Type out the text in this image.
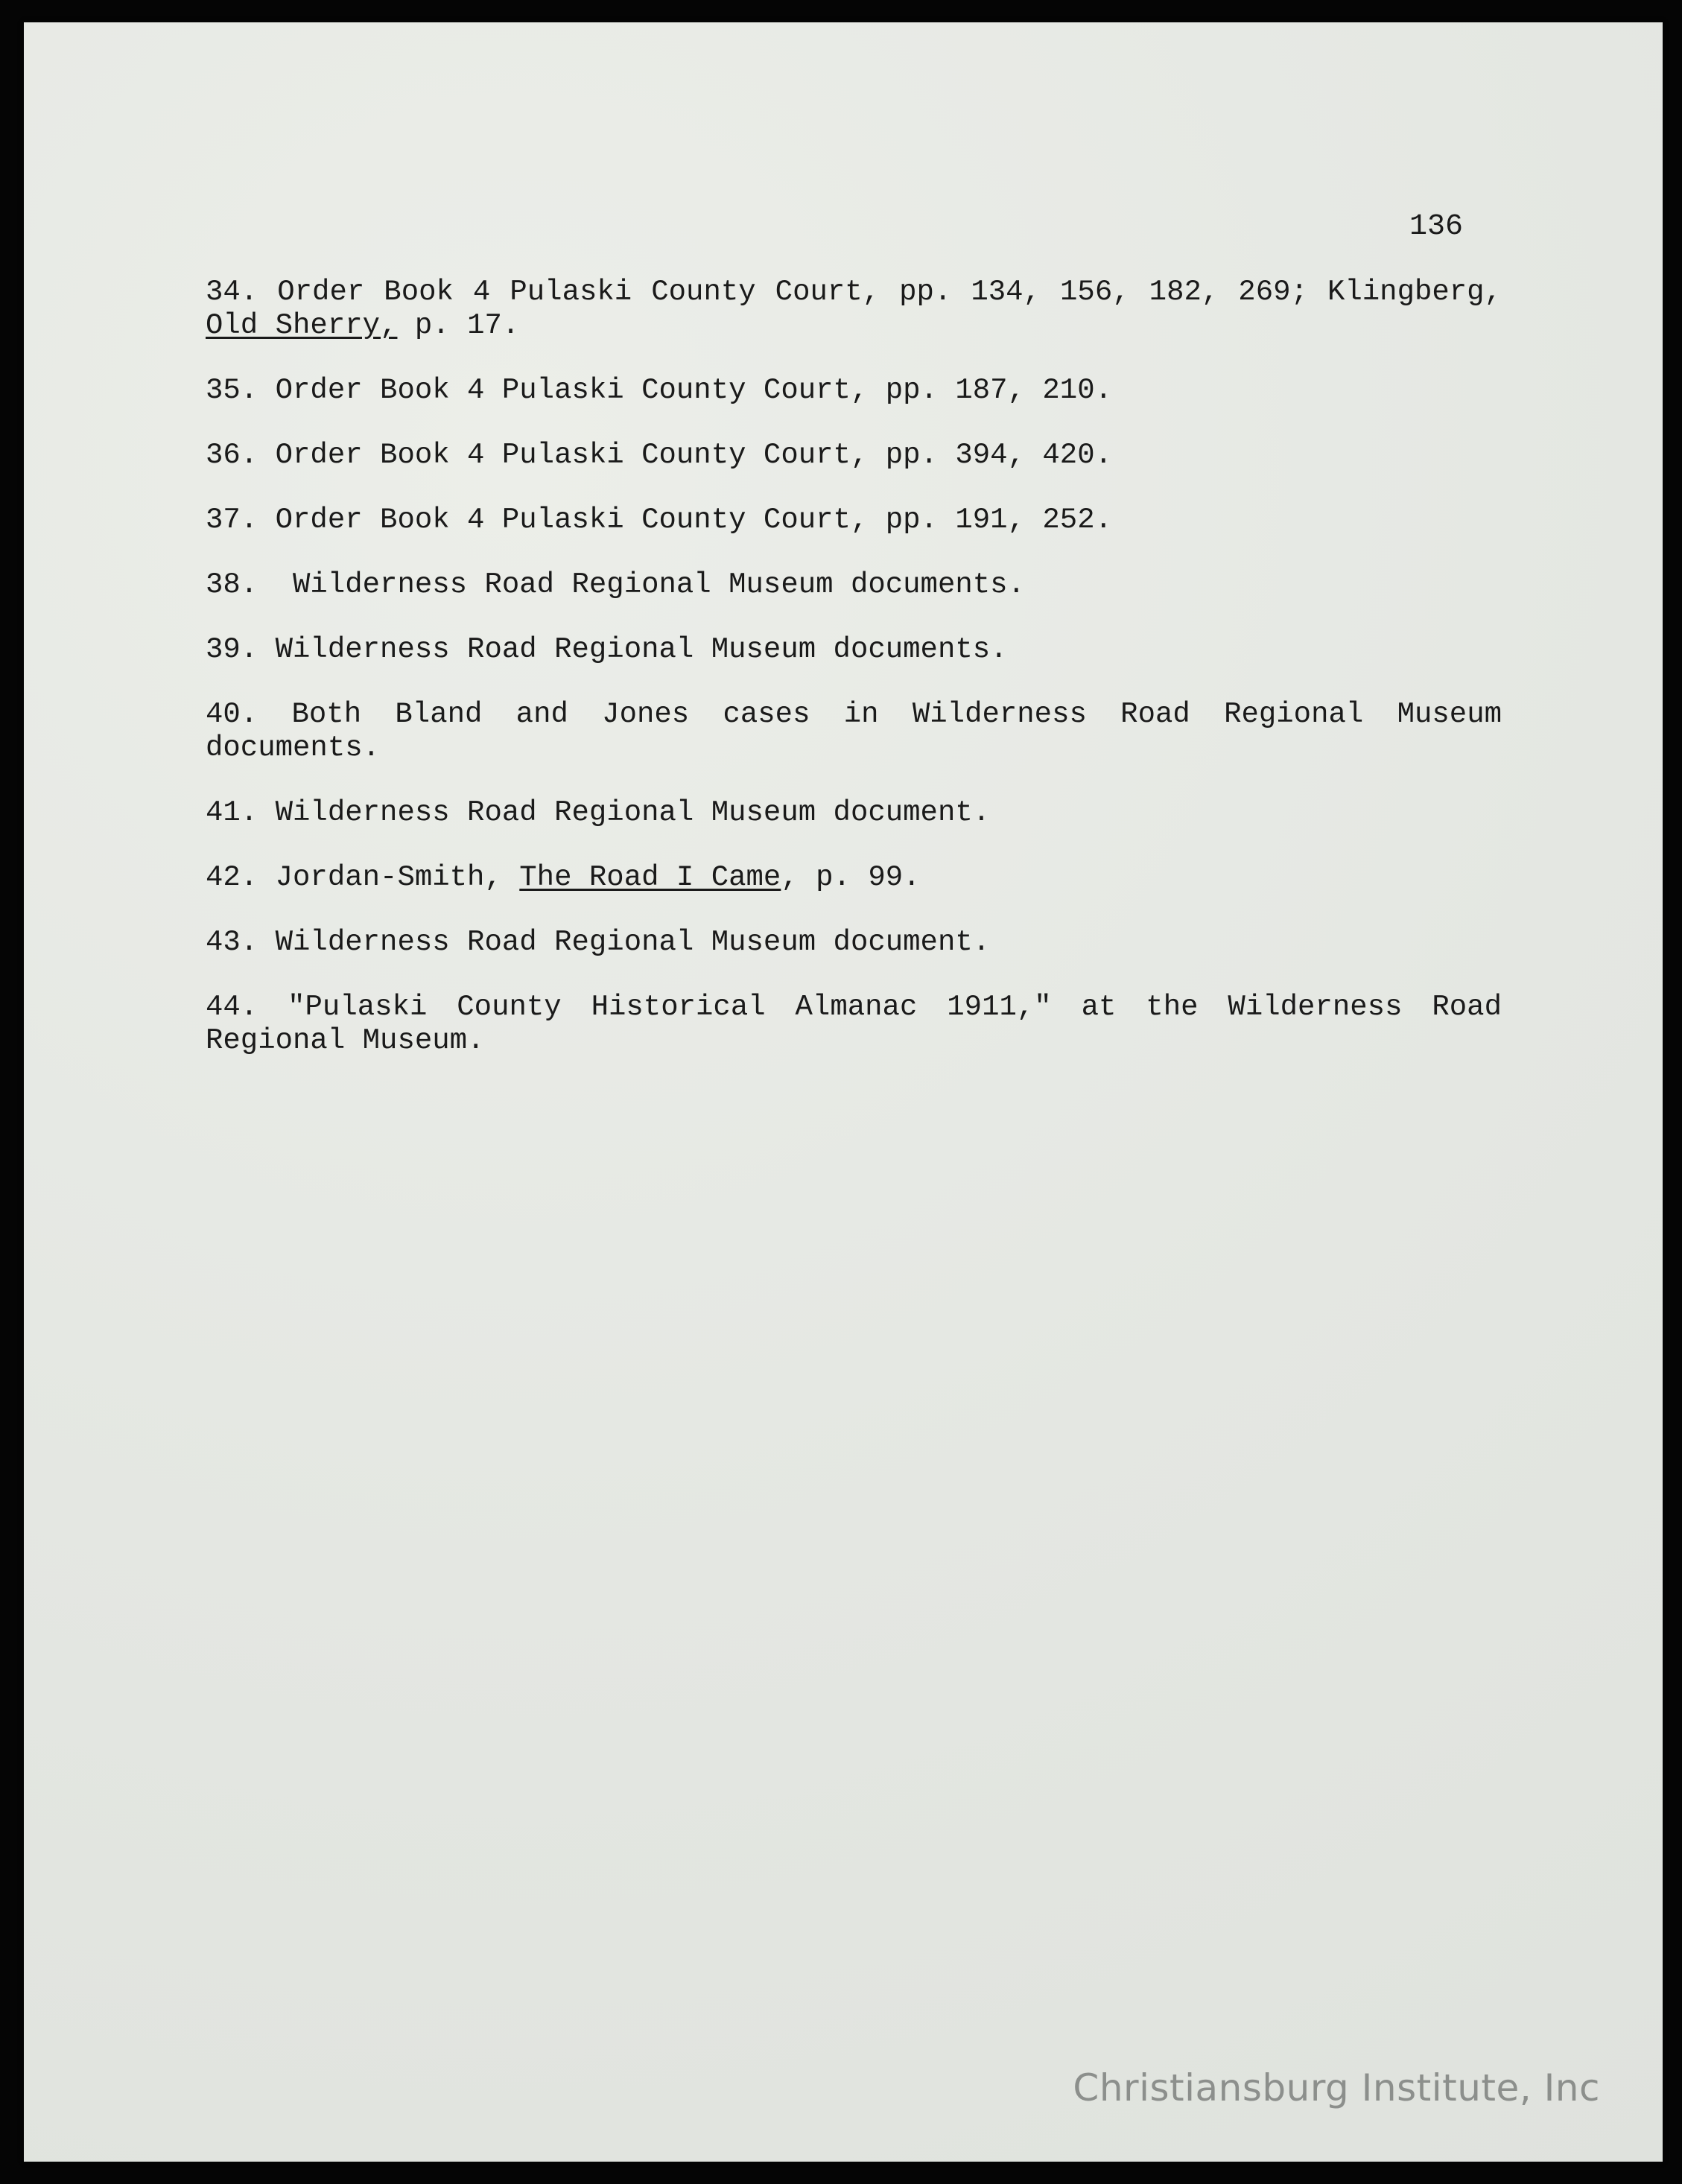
136

34. Order Book 4 Pulaski County Court, pp. 134, 156, 182, 269; Klingberg, Old Sherry, p. 17.

35. Order Book 4 Pulaski County Court, pp. 187, 210.

36. Order Book 4 Pulaski County Court, pp. 394, 420.

37. Order Book 4 Pulaski County Court, pp. 191, 252.

38.  Wilderness Road Regional Museum documents.

39. Wilderness Road Regional Museum documents.

40. Both Bland and Jones cases in Wilderness Road Regional Museum documents.

41. Wilderness Road Regional Museum document.

42. Jordan-Smith, The Road I Came, p. 99.

43. Wilderness Road Regional Museum document.

44. "Pulaski County Historical Almanac 1911," at the Wilderness Road Regional Museum.

Christiansburg Institute, Inc
